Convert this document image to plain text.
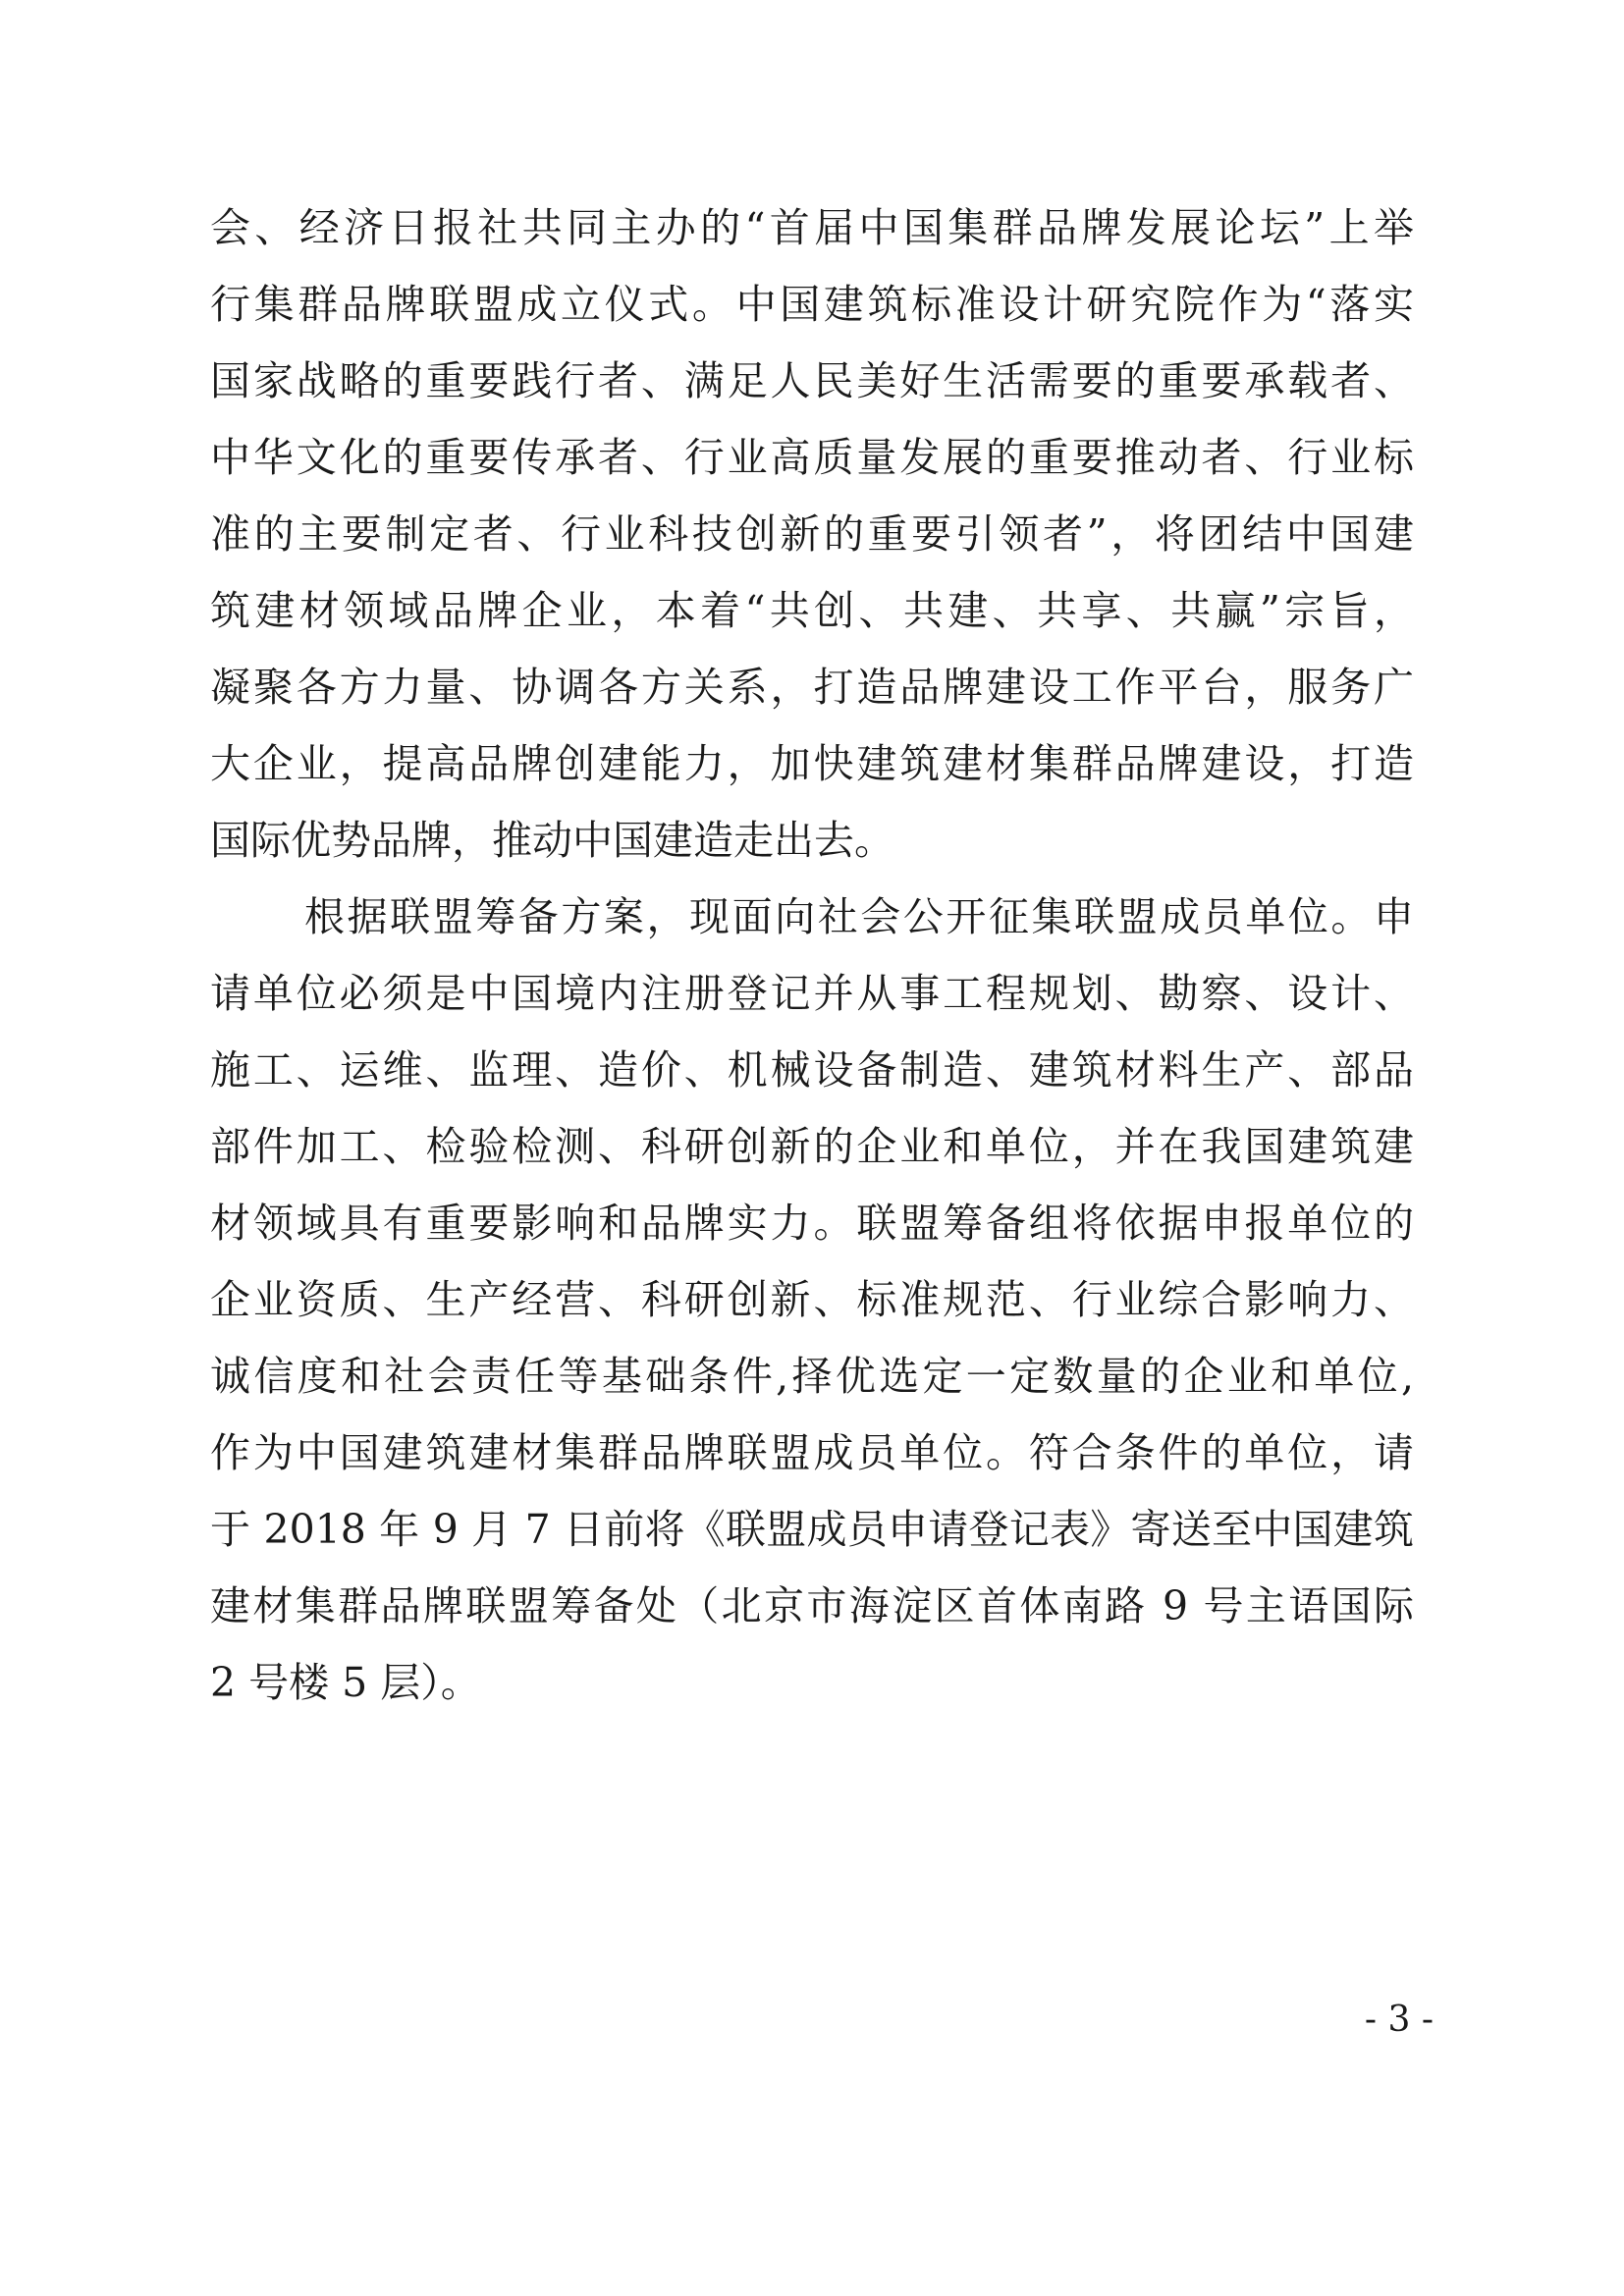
会、经济日报社共同主办的“首届中国集群品牌发展论坛”上举
行集群品牌联盟成立仪式。中国建筑标准设计研究院作为“落实
国家战略的重要践行者、满足人民美好生活需要的重要承载者、
中华文化的重要传承者、行业高质量发展的重要推动者、行业标
准的主要制定者、行业科技创新的重要引领者”，将团结中国建
筑建材领域品牌企业，本着“共创、共建、共享、共赢”宗旨，
凝聚各方力量、协调各方关系，打造品牌建设工作平台，服务广
大企业，提高品牌创建能力，加快建筑建材集群品牌建设，打造
国际优势品牌，推动中国建造走出去。
根据联盟筹备方案，现面向社会公开征集联盟成员单位。申
请单位必须是中国境内注册登记并从事工程规划、勘察、设计、
施工、运维、监理、造价、机械设备制造、建筑材料生产、部品
部件加工、检验检测、科研创新的企业和单位，并在我国建筑建
材领域具有重要影响和品牌实力。联盟筹备组将依据申报单位的
企业资质、生产经营、科研创新、标准规范、行业综合影响力、
诚信度和社会责任等基础条件,择优选定一定数量的企业和单位,
作为中国建筑建材集群品牌联盟成员单位。符合条件的单位，请
于 2018 年 9 月 7 日前将《联盟成员申请登记表》寄送至中国建筑
建材集群品牌联盟筹备处（北京市海淀区首体南路 9 号主语国际
2 号楼 5 层）。
- 3 -
